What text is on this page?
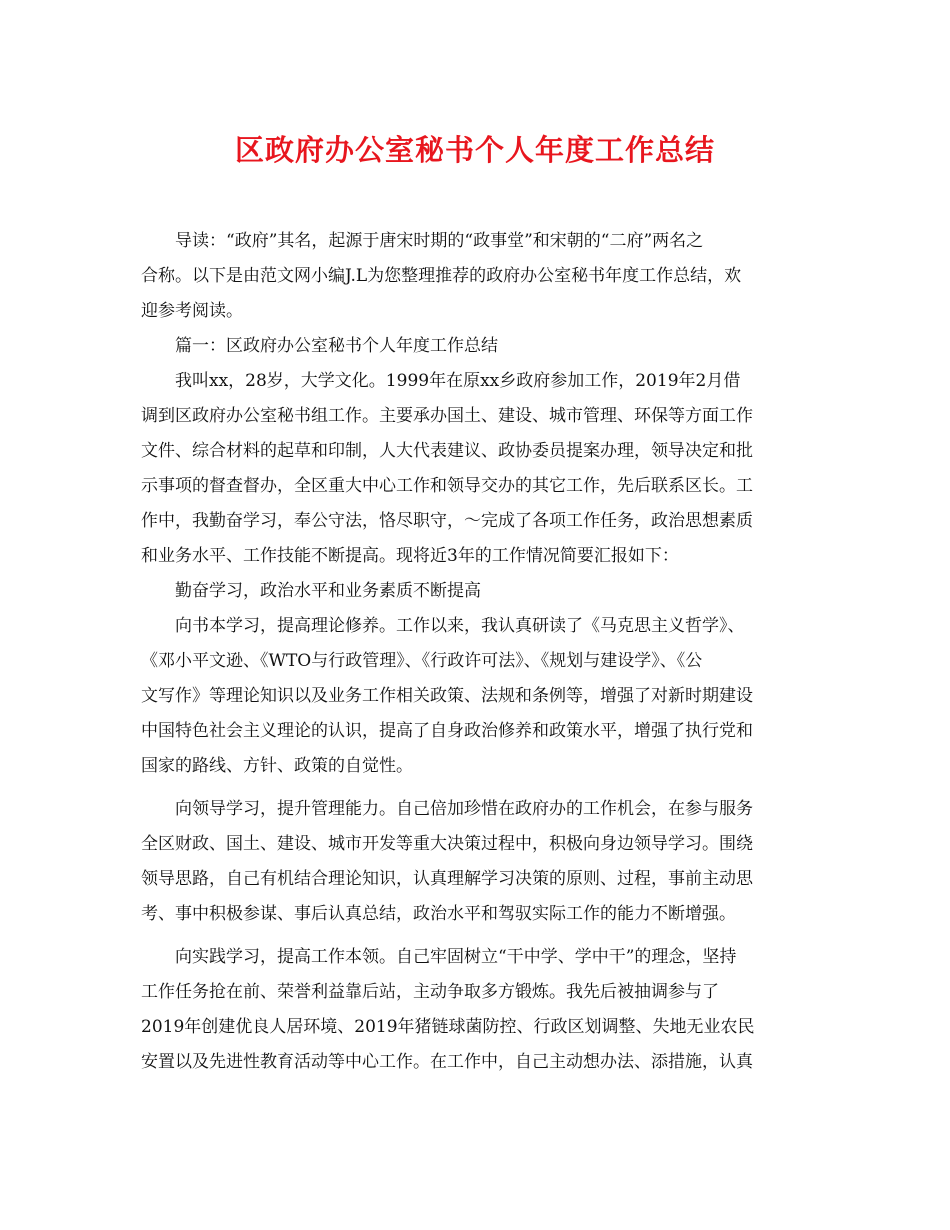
区政府办公室秘书个人年度工作总结
导读：“政府”其名，起源于唐宋时期的“政事堂”和宋朝的“二府”两名之
合称。以下是由范文网小编J.L为您整理推荐的政府办公室秘书年度工作总结，欢
迎参考阅读。
篇一：区政府办公室秘书个人年度工作总结
我叫xx，28岁，大学文化。1999年在原xx乡政府参加工作，2019年2月借
调到区政府办公室秘书组工作。主要承办国土、建设、城市管理、环保等方面工作
文件、综合材料的起草和印制，人大代表建议、政协委员提案办理，领导决定和批
示事项的督查督办，全区重大中心工作和领导交办的其它工作，先后联系区长。工
作中，我勤奋学习，奉公守法，恪尽职守，～完成了各项工作任务，政治思想素质
和业务水平、工作技能不断提高。现将近3年的工作情况简要汇报如下：
勤奋学习，政治水平和业务素质不断提高
向书本学习，提高理论修养。工作以来，我认真研读了《马克思主义哲学》、
《邓小平文逊、《WTO与行政管理》、《行政许可法》、《规划与建设学》、《公
文写作》等理论知识以及业务工作相关政策、法规和条例等，增强了对新时期建设
中国特色社会主义理论的认识，提高了自身政治修养和政策水平，增强了执行党和
国家的路线、方针、政策的自觉性。
向领导学习，提升管理能力。自己倍加珍惜在政府办的工作机会，在参与服务
全区财政、国土、建设、城市开发等重大决策过程中，积极向身边领导学习。围绕
领导思路，自己有机结合理论知识，认真理解学习决策的原则、过程，事前主动思
考、事中积极参谋、事后认真总结，政治水平和驾驭实际工作的能力不断增强。
向实践学习，提高工作本领。自己牢固树立“干中学、学中干”的理念，坚持
工作任务抢在前、荣誉利益靠后站，主动争取多方锻炼。我先后被抽调参与了
2019年创建优良人居环境、2019年猪链球菌防控、行政区划调整、失地无业农民
安置以及先进性教育活动等中心工作。在工作中，自己主动想办法、添措施，认真
